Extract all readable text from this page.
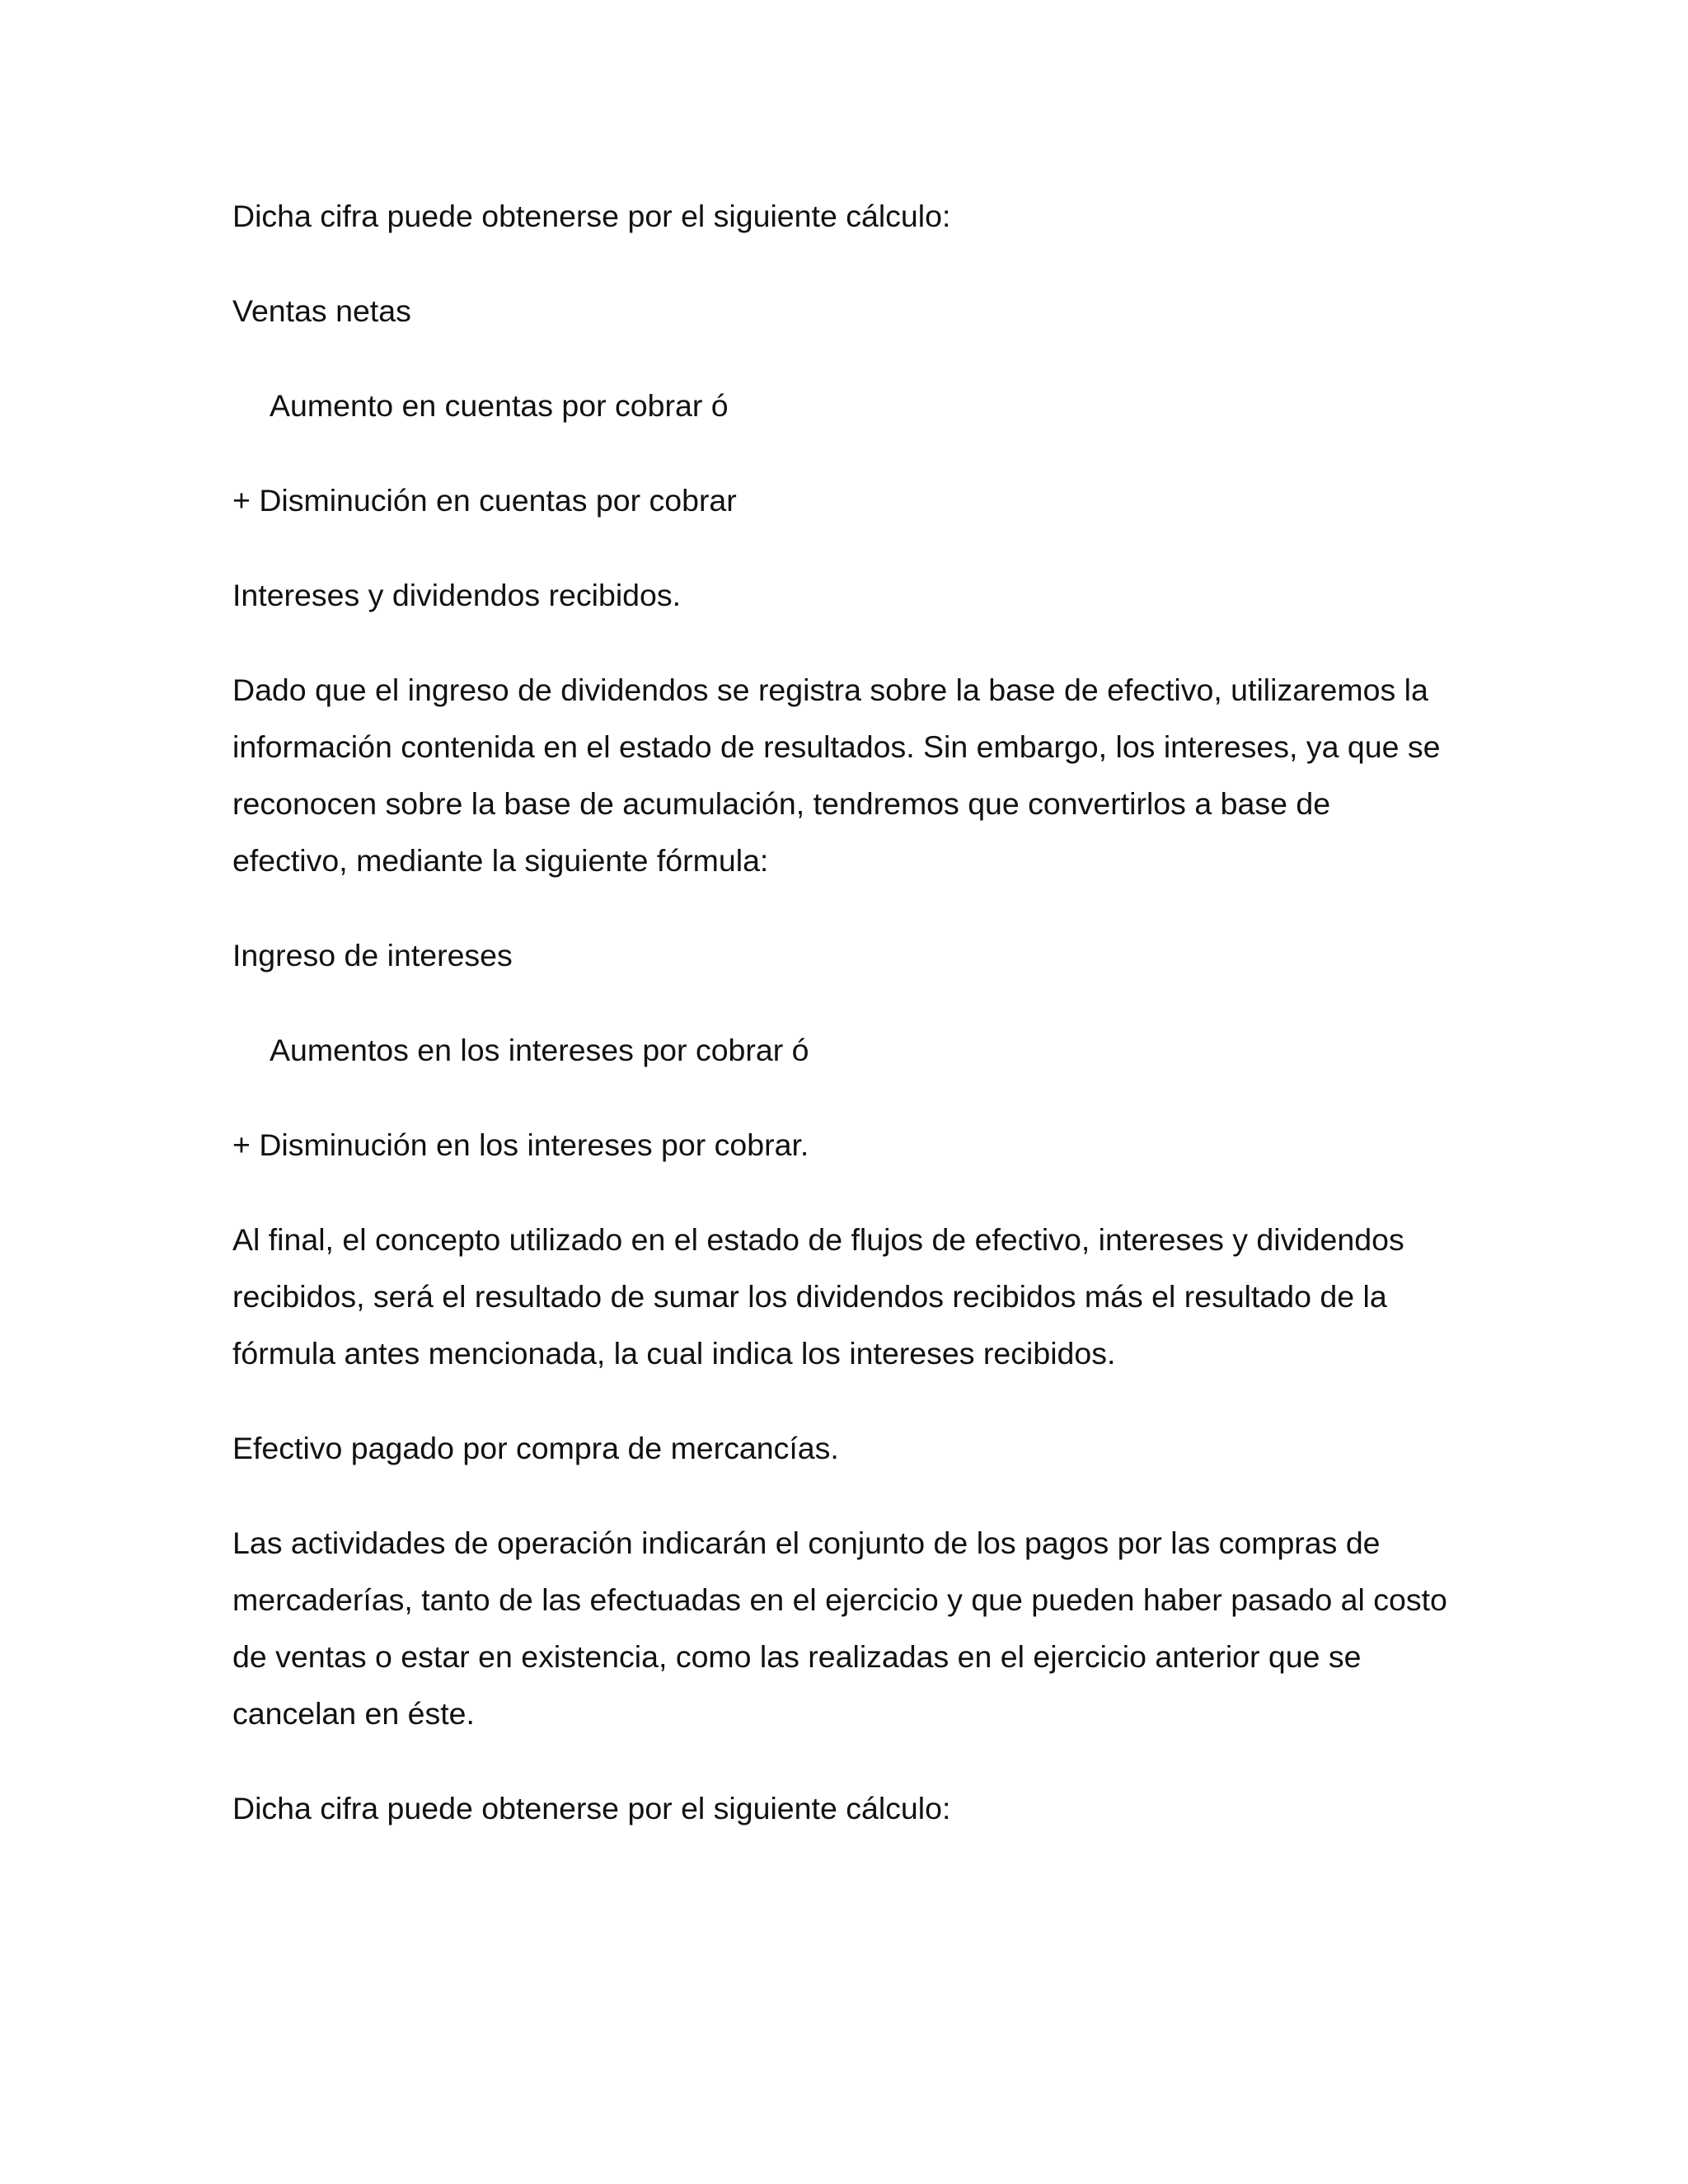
Dicha cifra puede obtenerse por el siguiente cálculo:

Ventas netas

Aumento en cuentas por cobrar ó

+ Disminución en cuentas por cobrar

Intereses y dividendos recibidos.

Dado que el ingreso de dividendos se registra sobre la base de efectivo, utilizaremos la información contenida en el estado de resultados. Sin embargo, los intereses, ya que se reconocen sobre la base de acumulación, tendremos que convertirlos a base de efectivo, mediante la siguiente fórmula:

Ingreso de intereses

Aumentos en los intereses por cobrar ó

+ Disminución en los intereses por cobrar.

Al final, el concepto utilizado en el estado de flujos de efectivo, intereses y dividendos recibidos, será el resultado de sumar los dividendos recibidos más el resultado de la fórmula antes mencionada, la cual indica los intereses recibidos.

Efectivo pagado por compra de mercancías.

Las actividades de operación indicarán el conjunto de los pagos por las compras de mercaderías, tanto de las efectuadas en el ejercicio y que pueden haber pasado al costo de ventas o estar en existencia, como las realizadas en el ejercicio anterior que se cancelan en éste.

Dicha cifra puede obtenerse por el siguiente cálculo:
